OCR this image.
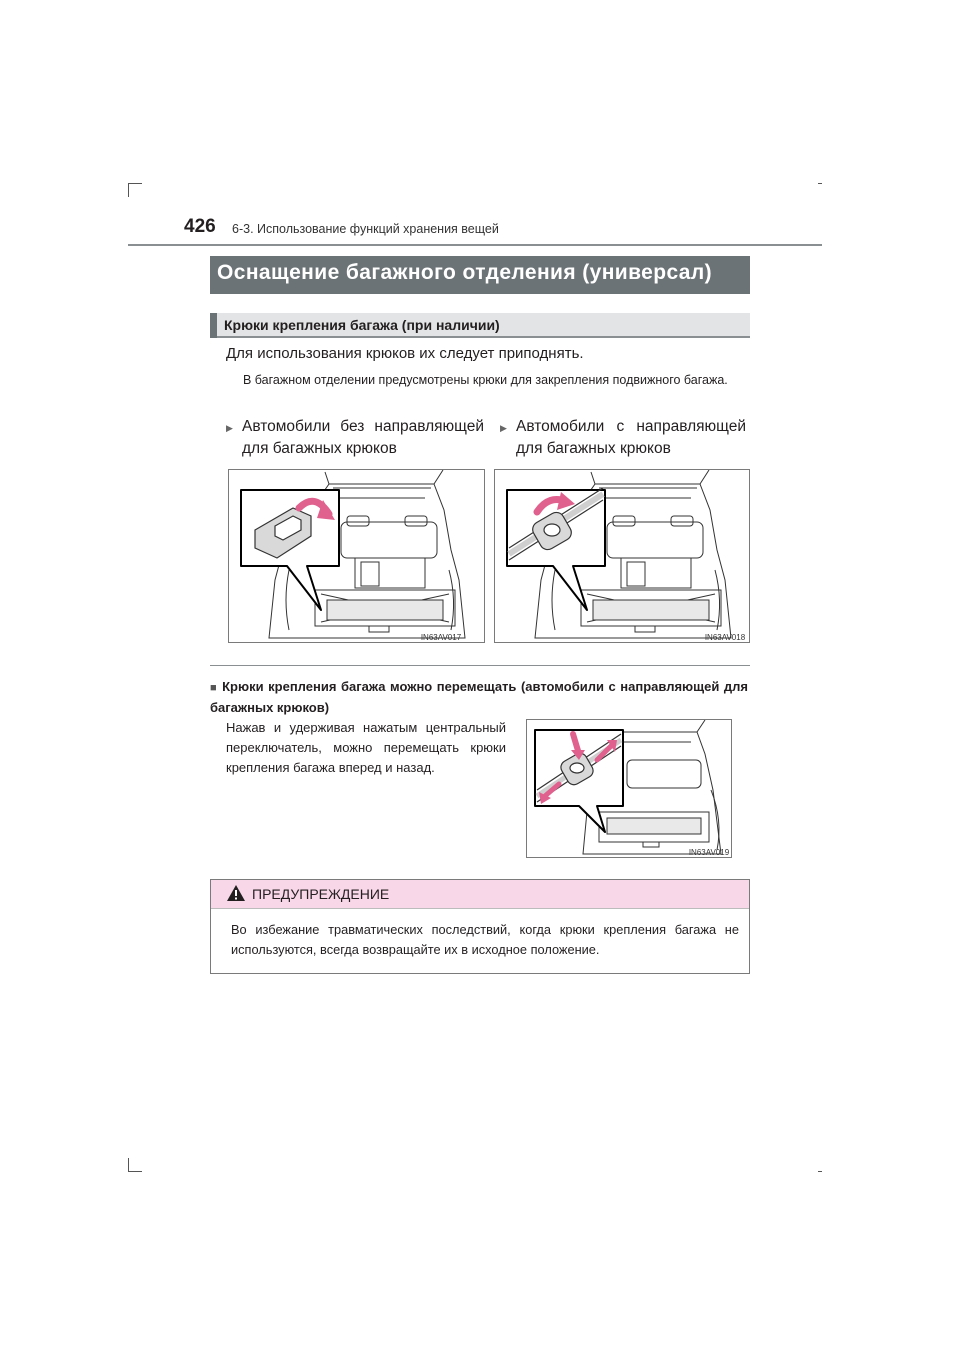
426 6-3. Использование функций хранения вещей
Оснащение багажного отделения (универсал)
Крюки крепления багажа (при наличии)
Для использования крюков их следует приподнять.
В багажном отделении предусмотрены крюки для закрепления подвижного багажа.
▶ Автомобили без направляющей для багажных крюков
▶ Автомобили с направляющей для багажных крюков
IN63AV017	IN63AV018
■ Крюки крепления багажа можно перемещать (автомобили с направляющей для багажных крюков)
Нажав и удерживая нажатым центральный переключатель, можно перемещать крюки крепления багажа вперед и назад.
IN63AV019
ПРЕДУПРЕЖДЕНИЕ
Во избежание травматических последствий, когда крюки крепления багажа не используются, всегда возвращайте их в исходное положение.
